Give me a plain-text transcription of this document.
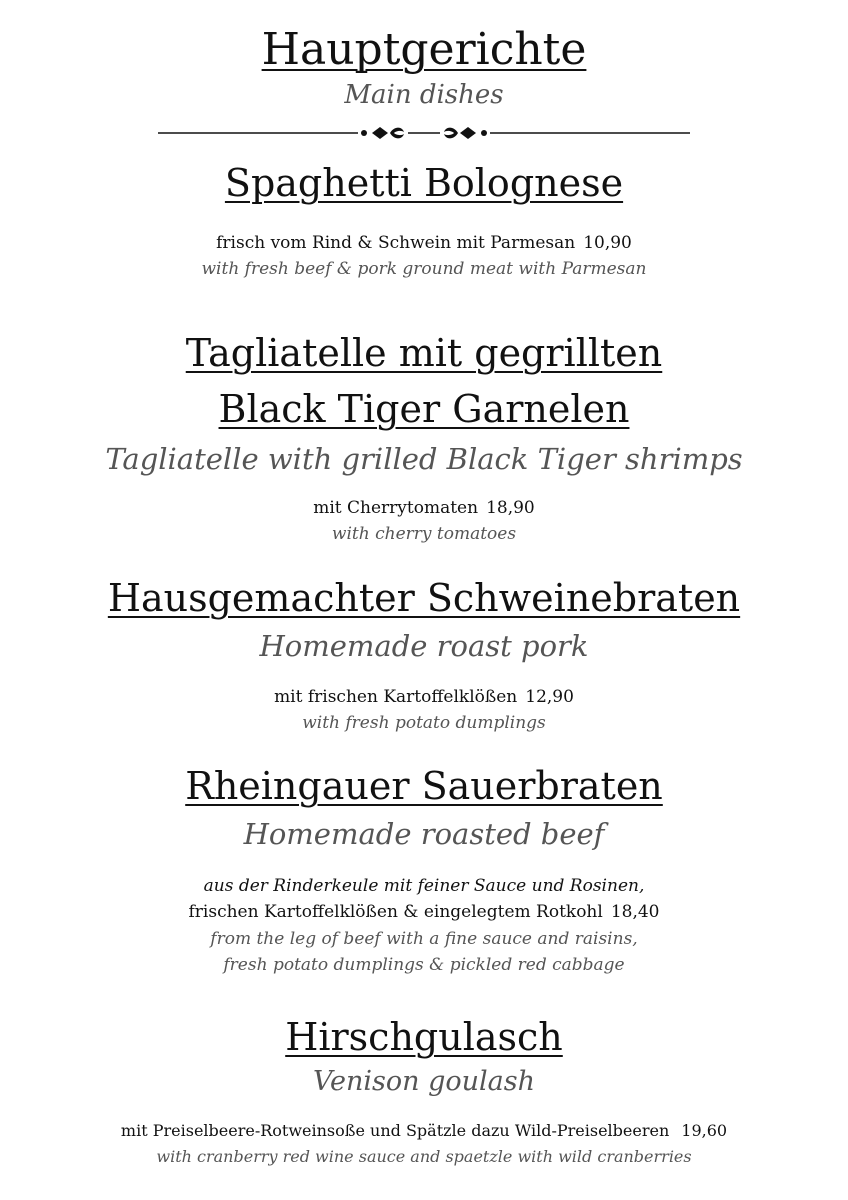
Hauptgerichte
Main dishes
Spaghetti Bolognese
frisch vom Rind & Schwein mit Parmesan 10,90
with fresh beef & pork ground meat with Parmesan
Tagliatelle mit gegrillten
Black Tiger Garnelen
Tagliatelle with grilled Black Tiger shrimps
mit Cherrytomaten 18,90
with cherry tomatoes
Hausgemachter Schweinebraten
Homemade roast pork
mit frischen Kartoffelklößen 12,90
with fresh potato dumplings
Rheingauer Sauerbraten
Homemade roasted beef
aus der Rinderkeule mit feiner Sauce und Rosinen,
frischen Kartoffelklößen & eingelegtem Rotkohl 18,40
from the leg of beef with a fine sauce and raisins,
fresh potato dumplings & pickled red cabbage
Hirschgulasch
Venison goulash
mit Preiselbeere-Rotweinsoße und Spätzle dazu Wild-Preiselbeeren 19,60
with cranberry red wine sauce and spaetzle with wild cranberries
